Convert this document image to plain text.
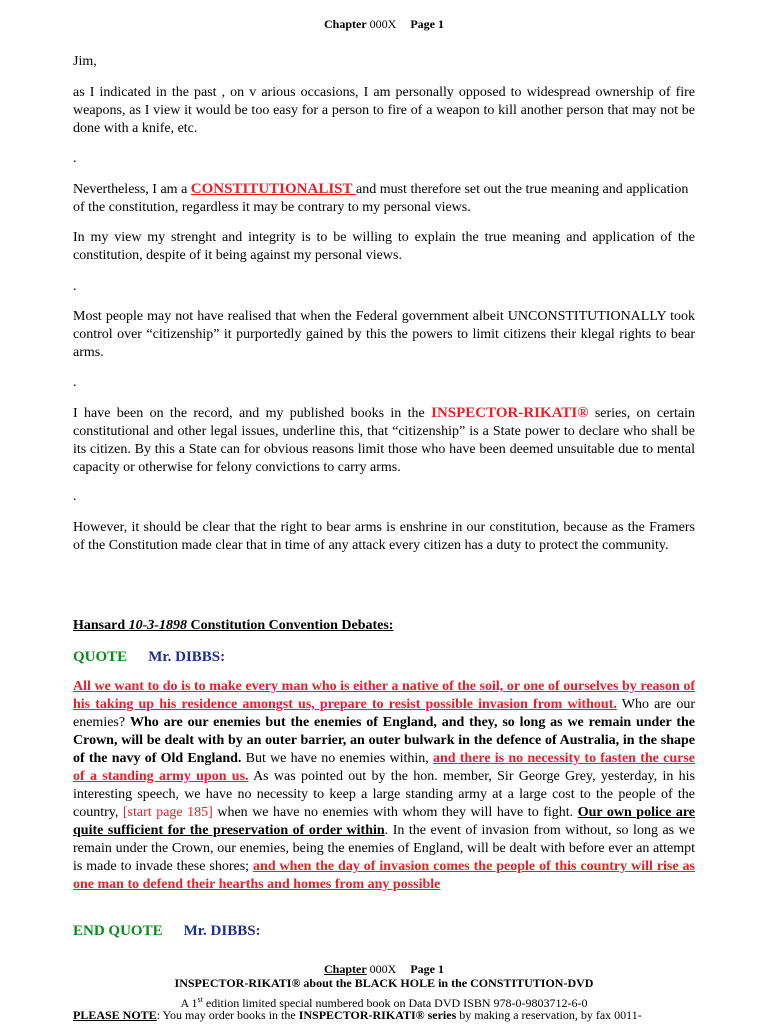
Chapter 000X Page 1
Jim,
as I indicated in the past , on v arious occasions, I am personally opposed to widespread ownership of fire weapons, as I view it would be too easy for a person to fire of a weapon to kill another person that may not be done with a knife, etc.
.
Nevertheless, I am a CONSTITUTIONALIST and must therefore set out the true meaning and application of the constitution, regardless it may be contrary to my personal views.
In my view my strenght and integrity is to be willing to explain the true meaning and application of the constitution, despite of it being against my personal views.
.
Most people may not have realised that when the Federal government albeit UNCONSTITUTIONALLY took control over “citizenship” it purportedly gained by this the powers to limit citizens their klegal rights to bear arms.
.
I have been on the record, and my published books in the INSPECTOR-RIKATI® series, on certain constitutional and other legal issues, underline this, that “citizenship” is a State power to declare who shall be its citizen. By this a State can for obvious reasons limit those who have been deemed unsuitable due to mental capacity or otherwise for felony convictions to carry arms.
.
However, it should be clear that the right to bear arms is enshrine in our constitution, because as the Framers of the Constitution made clear that in time of any attack every citizen has a duty to protect the community.
Hansard 10-3-1898 Constitution Convention Debates:
QUOTE Mr. DIBBS:
All we want to do is to make every man who is either a native of the soil, or one of ourselves by reason of his taking up his residence amongst us, prepare to resist possible invasion from without. Who are our enemies? Who are our enemies but the enemies of England, and they, so long as we remain under the Crown, will be dealt with by an outer barrier, an outer bulwark in the defence of Australia, in the shape of the navy of Old England. But we have no enemies within, and there is no necessity to fasten the curse of a standing army upon us. As was pointed out by the hon. member, Sir George Grey, yesterday, in his interesting speech, we have no necessity to keep a large standing army at a large cost to the people of the country, [start page 185] when we have no enemies with whom they will have to fight. Our own police are quite sufficient for the preservation of order within. In the event of invasion from without, so long as we remain under the Crown, our enemies, being the enemies of England, will be dealt with before ever an attempt is made to invade these shores; and when the day of invasion comes the people of this country will rise as one man to defend their hearths and homes from any possible
END QUOTE Mr. DIBBS:
Chapter 000X Page 1
INSPECTOR-RIKATI® about the BLACK HOLE in the CONSTITUTION-DVD
A 1st edition limited special numbered book on Data DVD ISBN 978-0-9803712-6-0
PLEASE NOTE: You may order books in the INSPECTOR-RIKATI® series by making a reservation, by fax 0011-
